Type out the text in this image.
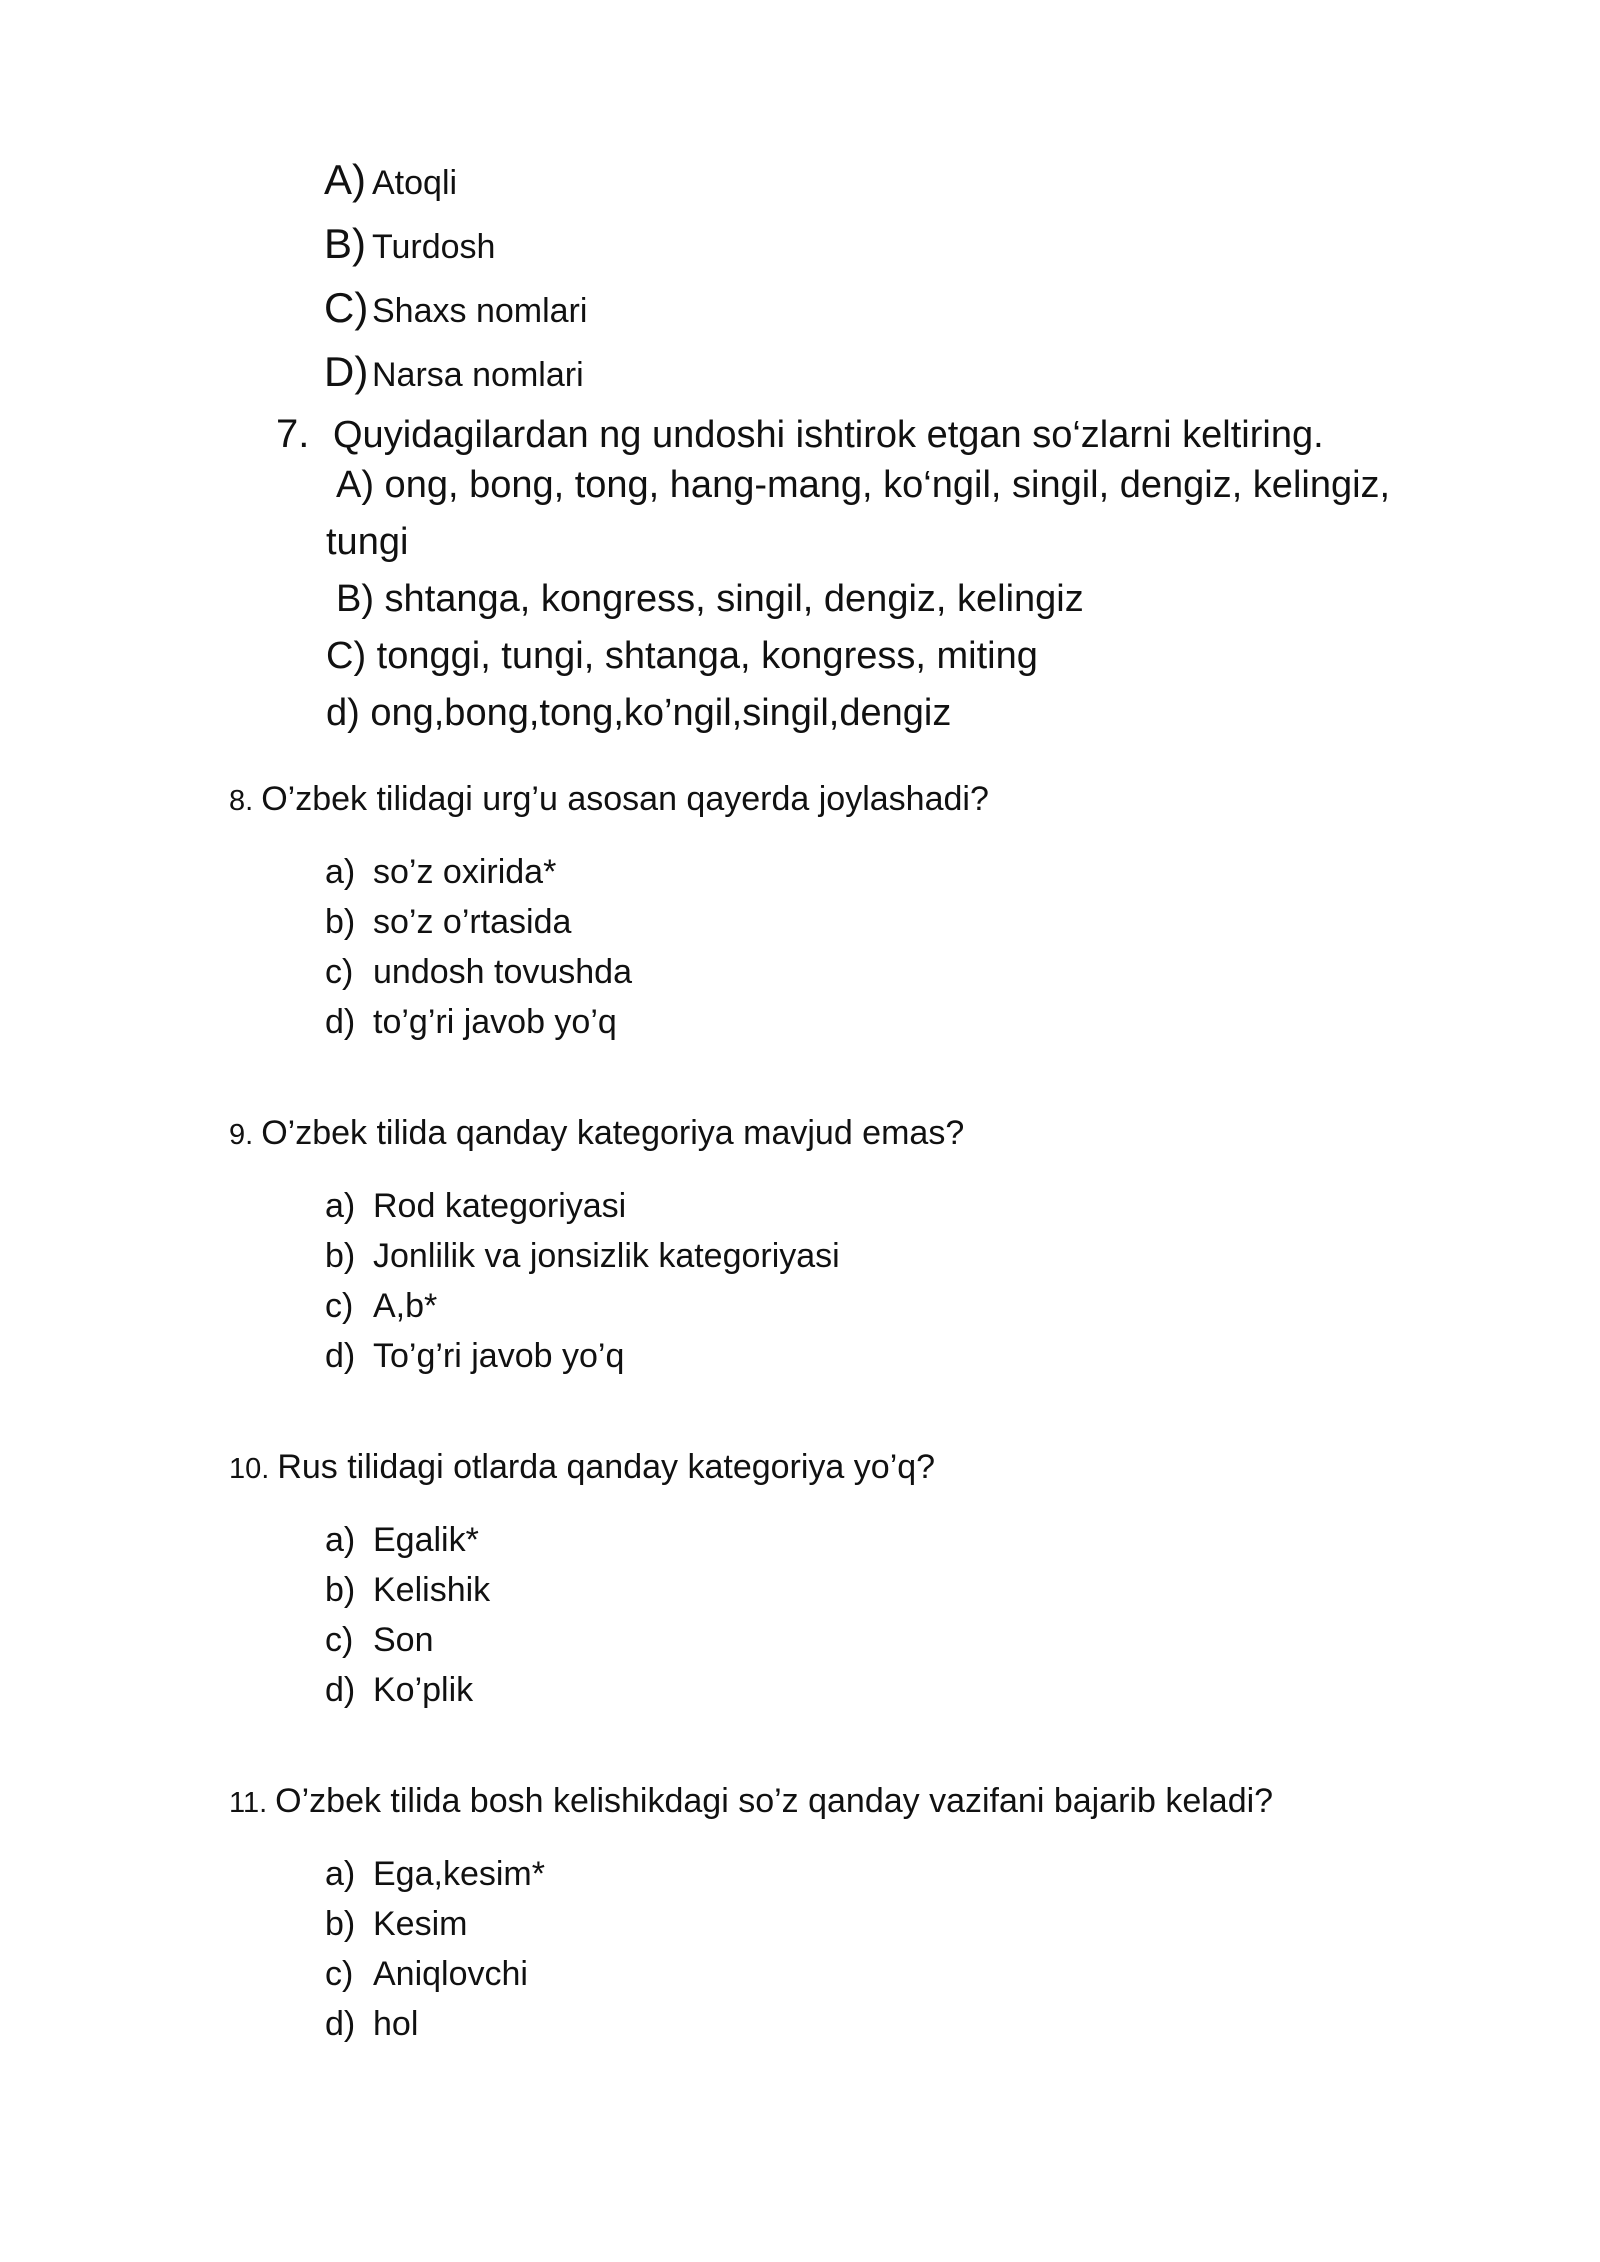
A) Atoqli
B) Turdosh
C) Shaxs nomlari
D) Narsa nomlari
7. Quyidagilardan ng undoshi ishtirok etgan so‘zlarni keltiring.
A) ong, bong, tong, hang-mang, ko‘ngil, singil, dengiz, kelingiz,
tungi
B) shtanga, kongress, singil, dengiz, kelingiz
C) tonggi, tungi, shtanga, kongress, miting
d) ong,bong,tong,ko’ngil,singil,dengiz
8. O’zbek tilidagi urg’u asosan qayerda joylashadi?
a) so’z oxirida*
b) so’z o’rtasida
c) undosh tovushda
d) to’g’ri javob yo’q
9. O’zbek tilida qanday kategoriya mavjud emas?
a) Rod kategoriyasi
b) Jonlilik va jonsizlik kategoriyasi
c) A,b*
d) To’g’ri javob yo’q
10. Rus tilidagi otlarda qanday kategoriya yo’q?
a) Egalik*
b) Kelishik
c) Son
d) Ko’plik
11. O’zbek tilida bosh kelishikdagi so’z qanday vazifani bajarib keladi?
a) Ega,kesim*
b) Kesim
c) Aniqlovchi
d) hol
